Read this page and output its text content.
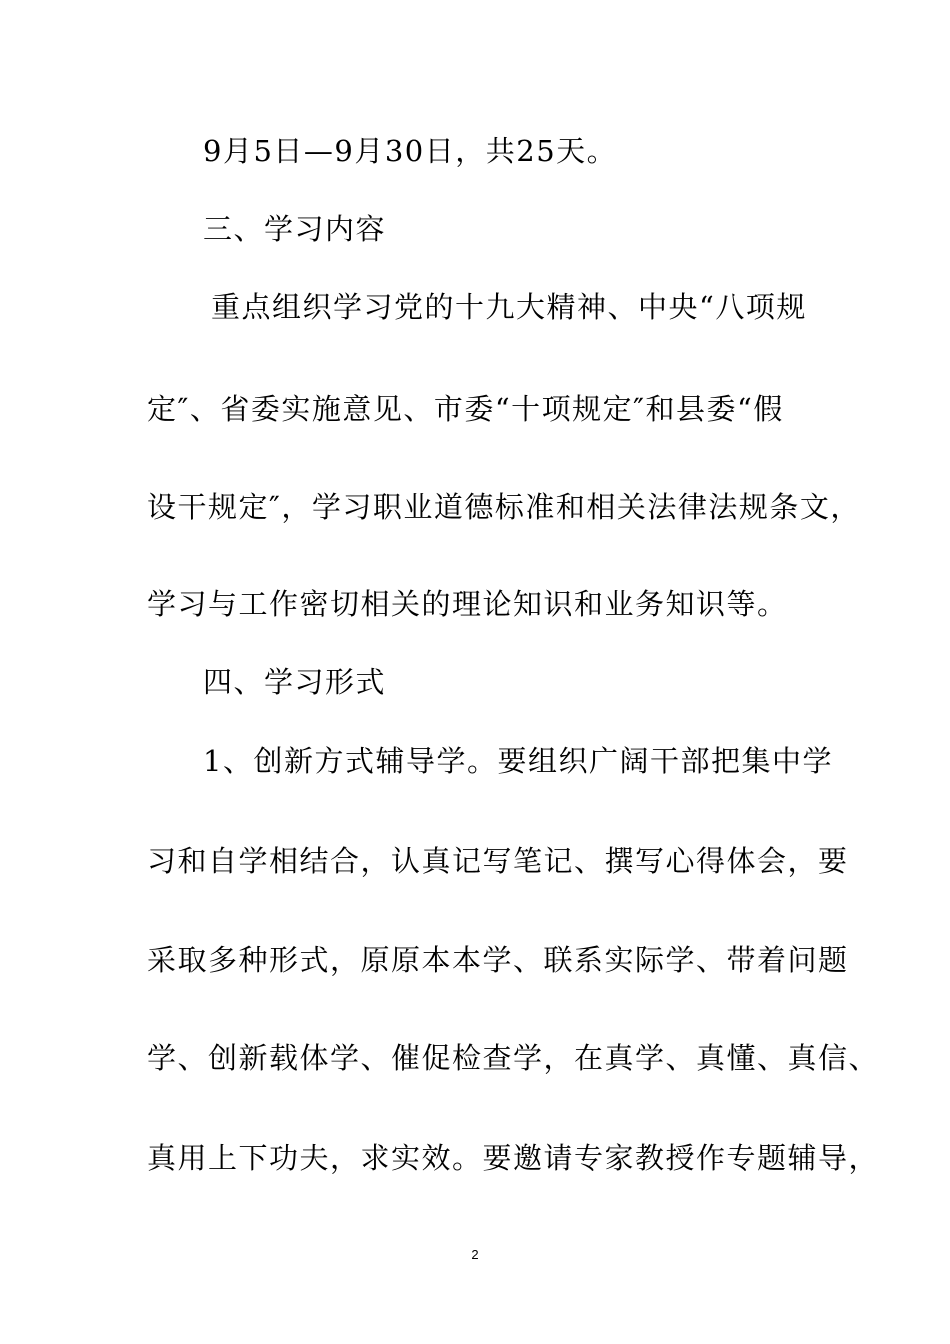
9月5日—9月30日，共25天。
三、学习内容
重点组织学习党的十九大精神、中央“八项规
定″、省委实施意见、市委“十项规定″和县委“假
设干规定″，学习职业道德标准和相关法律法规条文，
学习与工作密切相关的理论知识和业务知识等。
四、学习形式
1、创新方式辅导学。要组织广阔干部把集中学
习和自学相结合，认真记写笔记、撰写心得体会，要
采取多种形式，原原本本学、联系实际学、带着问题
学、创新载体学、催促检查学，在真学、真懂、真信、
真用上下功夫，求实效。要邀请专家教授作专题辅导，
2
